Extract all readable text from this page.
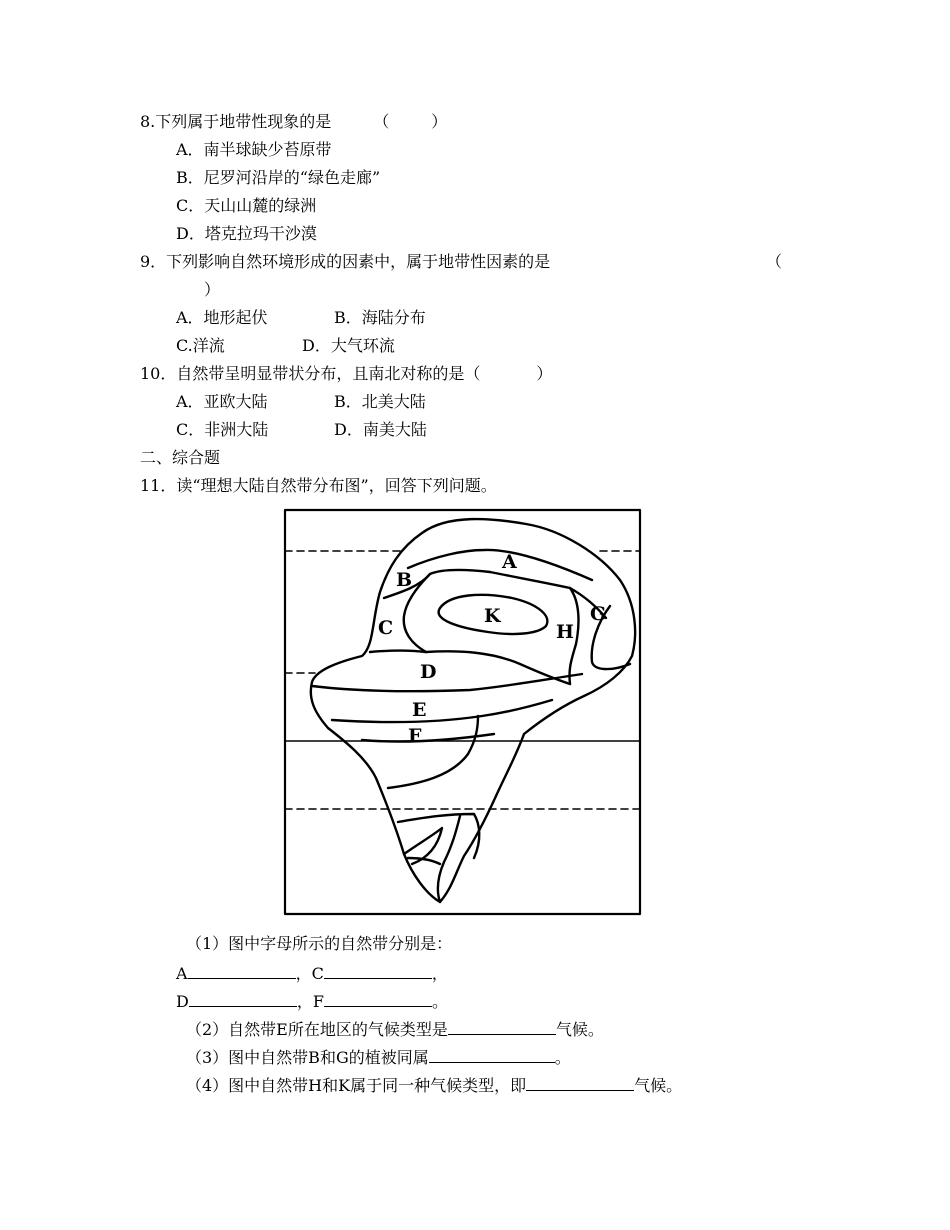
8.下列属于地带性现象的是	（	）
A．南半球缺少苔原带
B．尼罗河沿岸的“绿色走廊”
C．天山山麓的绿洲
D．塔克拉玛干沙漠
9．下列影响自然环境形成的因素中，属于地带性因素的是	（
）
A．地形起伏	B．海陆分布
C.洋流	D．大气环流
10．自然带呈明显带状分布，且南北对称的是（	）
A．亚欧大陆	B．北美大陆
C．非洲大陆	D．南美大陆
二、综合题
11．读“理想大陆自然带分布图”，回答下列问题。
A
B
C
K
H
G
D
E
F
（1）图中字母所示的自然带分别是：
A	，C	，
D	，F	。
（2）自然带E所在地区的气候类型是	气候。
（3）图中自然带B和G的植被同属	。
（4）图中自然带H和K属于同一种气候类型，即	气候。
